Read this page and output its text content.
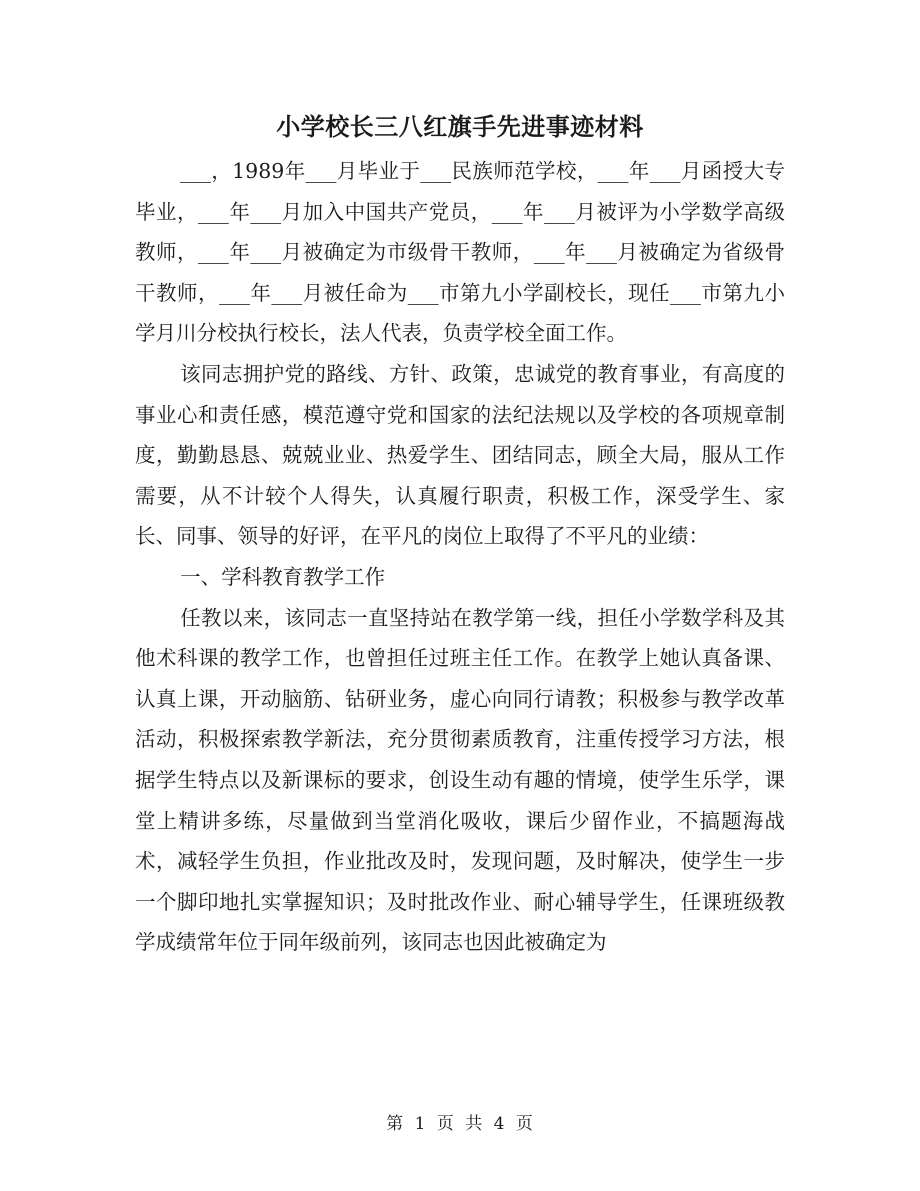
小学校长三八红旗手先进事迹材料

___，1989年___月毕业于___民族师范学校，___年___月函授大专毕业，___年___月加入中国共产党员，___年___月被评为小学数学高级教师，___年___月被确定为市级骨干教师，___年___月被确定为省级骨干教师，___年___月被任命为___市第九小学副校长，现任___市第九小学月川分校执行校长，法人代表，负责学校全面工作。

该同志拥护党的路线、方针、政策，忠诚党的教育事业，有高度的事业心和责任感，模范遵守党和国家的法纪法规以及学校的各项规章制度，勤勤恳恳、兢兢业业、热爱学生、团结同志，顾全大局，服从工作需要，从不计较个人得失，认真履行职责，积极工作，深受学生、家长、同事、领导的好评，在平凡的岗位上取得了不平凡的业绩：

一、学科教育教学工作

任教以来，该同志一直坚持站在教学第一线，担任小学数学科及其他术科课的教学工作，也曾担任过班主任工作。在教学上她认真备课、认真上课，开动脑筋、钻研业务，虚心向同行请教；积极参与教学改革活动，积极探索教学新法，充分贯彻素质教育，注重传授学习方法，根据学生特点以及新课标的要求，创设生动有趣的情境，使学生乐学，课堂上精讲多练，尽量做到当堂消化吸收，课后少留作业，不搞题海战术，减轻学生负担，作业批改及时，发现问题，及时解决，使学生一步一个脚印地扎实掌握知识；及时批改作业、耐心辅导学生，任课班级教学成绩常年位于同年级前列，该同志也因此被确定为

第 1 页 共 4 页
